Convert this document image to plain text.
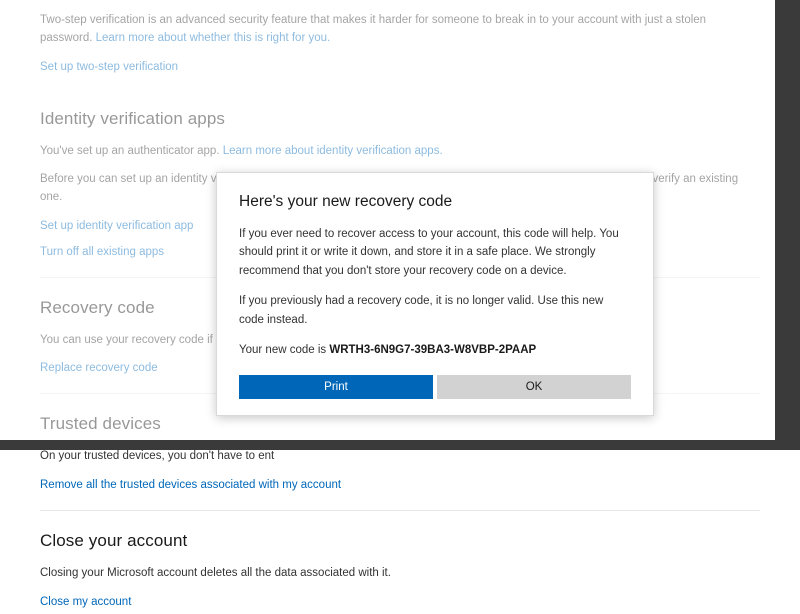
On your trusted devices, you don't have to ent

Remove all the trusted devices associated with my account
Close your account

Closing your Microsoft account deletes all the data associated with it.

Close my account
Here's your new recovery code

If you ever need to recover access to your account, this code will help. You should print it or write it down, and store it in a safe place. We strongly recommend that you don't store your recovery code on a device.

If you previously had a recovery code, it is no longer valid. Use this new code instead.

Your new code is WRTH3-6N9G7-39BA3-W8VBP-2PAAP

Print	OK
